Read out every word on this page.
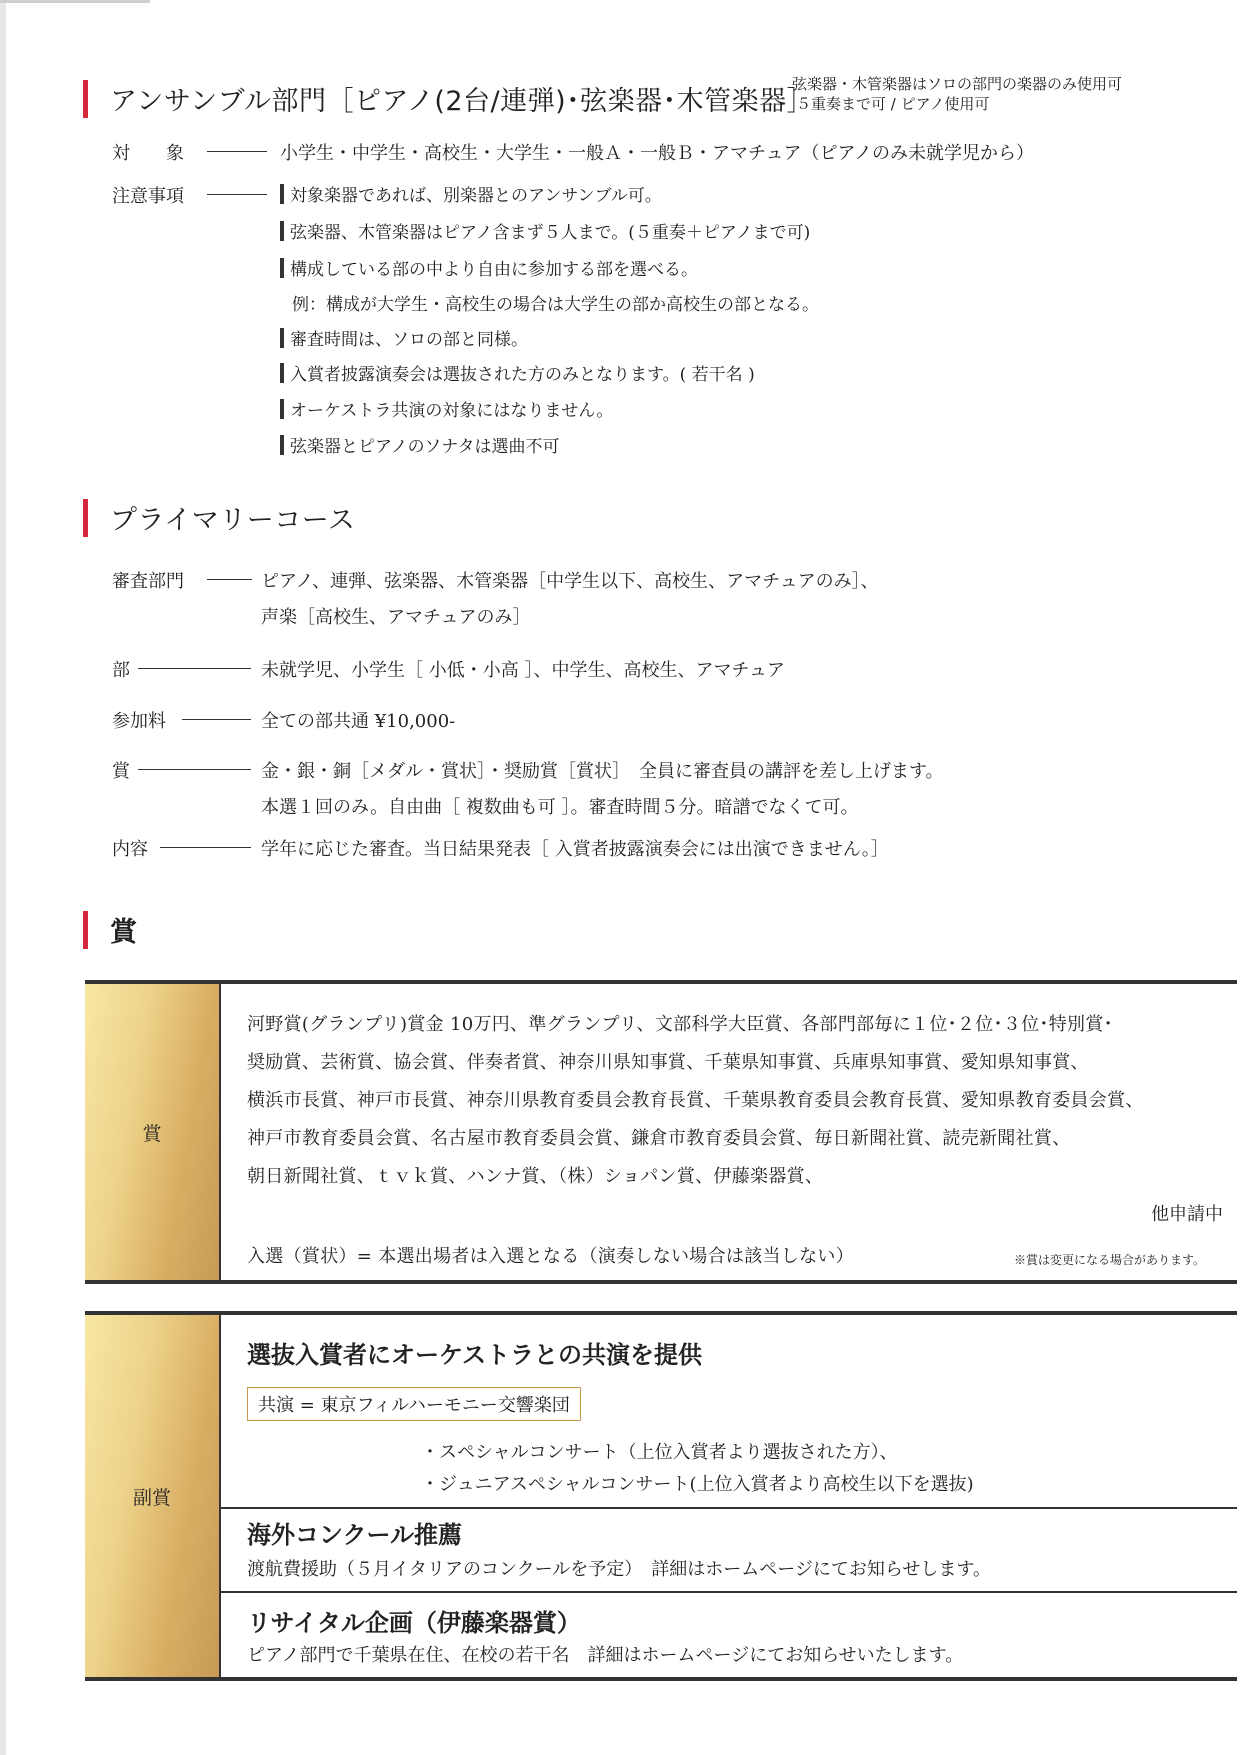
アンサンブル部門［ピアノ(2台/連弾)･弦楽器･木管楽器］
弦楽器・木管楽器はソロの部門の楽器のみ使用可
５重奏まで可 / ピアノ使用可
対　　象	小学生・中学生・高校生・大学生・一般Ａ・一般Ｂ・アマチュア（ピアノのみ未就学児から）
注意事項	対象楽器であれば、別楽器とのアンサンブル可。
弦楽器、木管楽器はピアノ含まず５人まで。(５重奏＋ピアノまで可)
構成している部の中より自由に参加する部を選べる。
例：構成が大学生・高校生の場合は大学生の部か高校生の部となる。
審査時間は、ソロの部と同様。
入賞者披露演奏会は選抜された方のみとなります。( 若干名 )
オーケストラ共演の対象にはなりません。
弦楽器とピアノのソナタは選曲不可
プライマリーコース
審査部門	ピアノ、連弾、弦楽器、木管楽器［中学生以下、高校生、アマチュアのみ］、
声楽［高校生、アマチュアのみ］
部	未就学児、小学生［ 小低・小高 ］、中学生、高校生、アマチュア
参加料	全ての部共通 ¥10,000-
賞	金・銀・銅［メダル・賞状］・奨励賞［賞状］　全員に審査員の講評を差し上げます。
本選１回のみ。自由曲［ 複数曲も可 ］。審査時間５分。暗譜でなくて可。
内容	学年に応じた審査。当日結果発表［ 入賞者披露演奏会には出演できません。］
賞
賞
河野賞(グランプリ)賞金 10万円、準グランプリ、文部科学大臣賞、各部門部毎に１位･２位･３位･特別賞･
奨励賞、芸術賞、協会賞、伴奏者賞、神奈川県知事賞、千葉県知事賞、兵庫県知事賞、愛知県知事賞、
横浜市長賞、神戸市長賞、神奈川県教育委員会教育長賞、千葉県教育委員会教育長賞、愛知県教育委員会賞、
神戸市教育委員会賞、名古屋市教育委員会賞、鎌倉市教育委員会賞、毎日新聞社賞、読売新聞社賞、
朝日新聞社賞、ｔｖｋ賞、ハンナ賞、（株）ショパン賞、伊藤楽器賞、
他申請中
入選（賞状）= 本選出場者は入選となる（演奏しない場合は該当しない）	※賞は変更になる場合があります。
副賞
選抜入賞者にオーケストラとの共演を提供
共演 = 東京フィルハーモニー交響楽団
・スペシャルコンサート（上位入賞者より選抜された方）、
・ジュニアスペシャルコンサート(上位入賞者より高校生以下を選抜)
海外コンクール推薦
渡航費援助（５月イタリアのコンクールを予定）　詳細はホームページにてお知らせします。
リサイタル企画（伊藤楽器賞）
ピアノ部門で千葉県在住、在校の若干名　詳細はホームページにてお知らせいたします。
